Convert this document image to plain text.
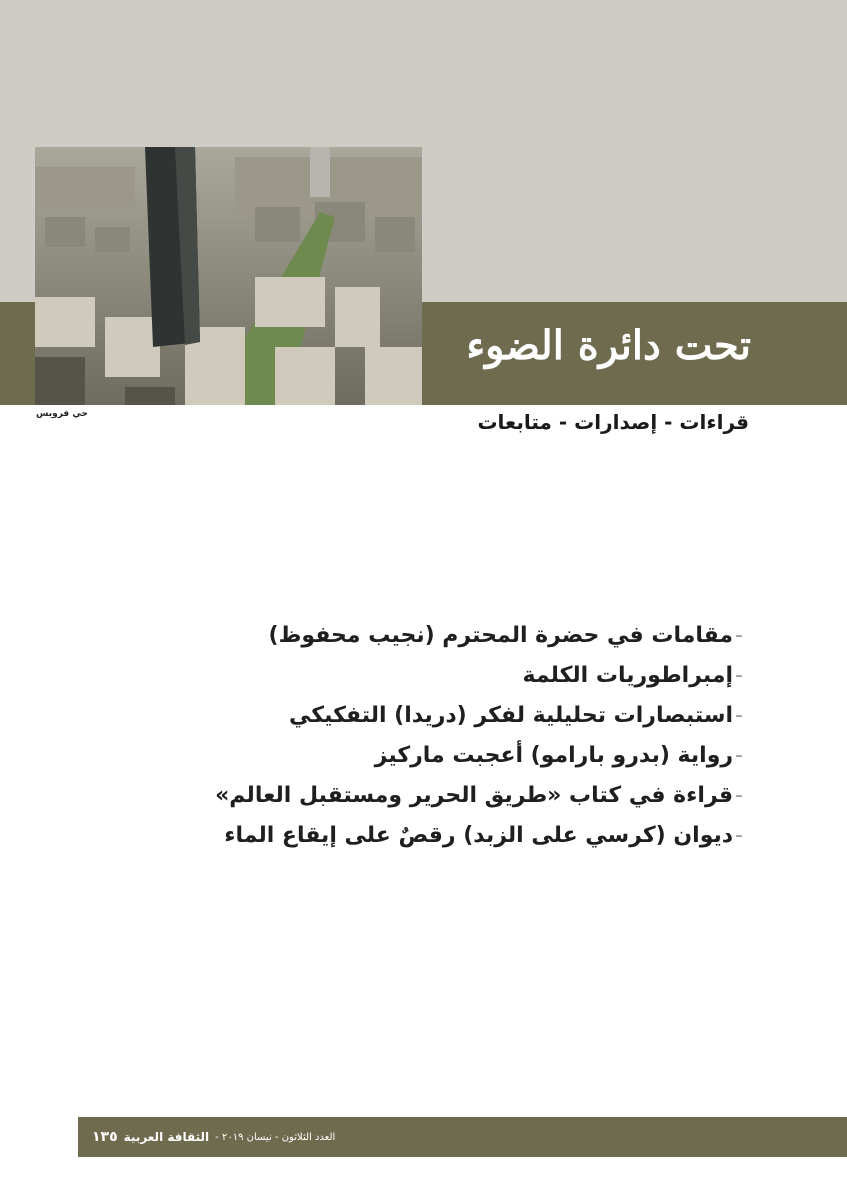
تحت دائرة الضوء
حي فرويس	قراءات - إصدارات - متابعات
-مقامات في حضرة المحترم (نجيب محفوظ)
-إمبراطوريات الكلمة
-استبصارات تحليلية لفكر (دريدا) التفكيكي
-رواية (بدرو بارامو) أعجبت ماركيز
-قراءة في كتاب «طريق الحرير ومستقبل العالم»
-ديوان (كرسي على الزبد) رقصٌ على إيقاع الماء
العدد الثلاثون - نيسان ٢٠١٩ -
الثقافة العربية
١٣٥
